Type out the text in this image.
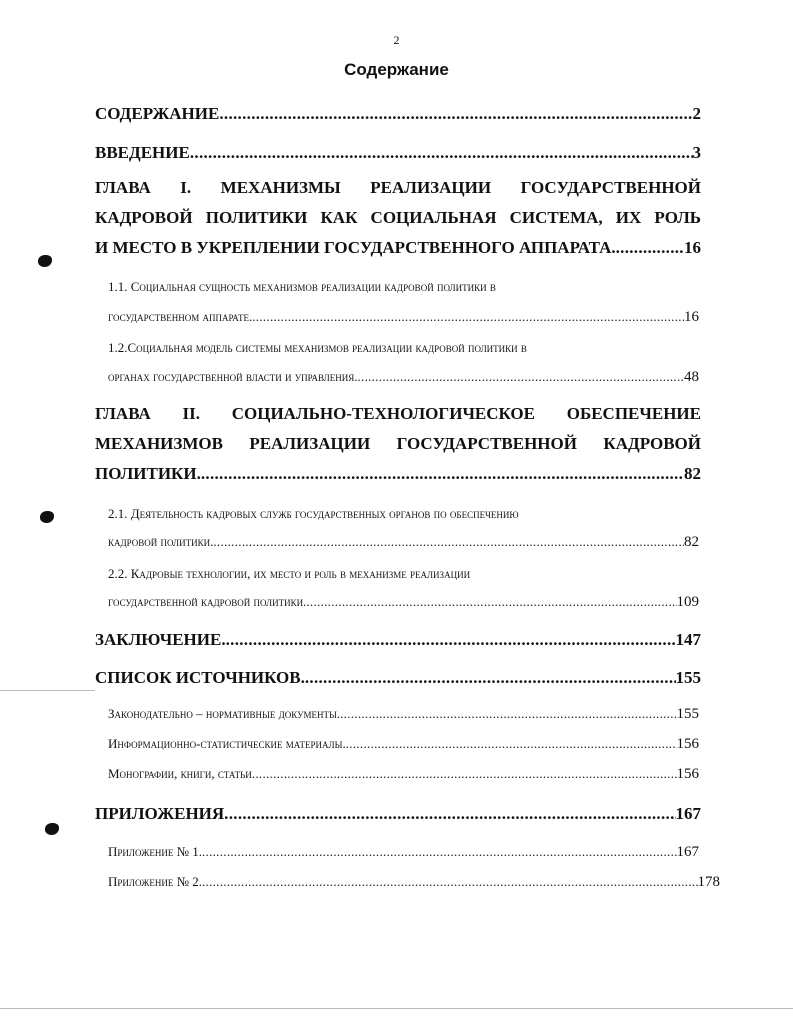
2
Содержание
СОДЕРЖАНИЕ .....	2
ВВЕДЕНИЕ .....	3
ГЛАВА I. МЕХАНИЗМЫ РЕАЛИЗАЦИИ ГОСУДАРСТВЕННОЙ
КАДРОВОЙ ПОЛИТИКИ КАК СОЦИАЛЬНАЯ СИСТЕМА, ИХ РОЛЬ
И МЕСТО В УКРЕПЛЕНИИ ГОСУДАРСТВЕННОГО АППАРАТА. .....	16
1.1. Социальная сущность механизмов реализации кадровой политики в
государственном аппарате. .....	16
1.2.Социальная модель системы механизмов реализации кадровой политики в
органах государственной власти и управления. .....	48
ГЛАВА II. СОЦИАЛЬНО-ТЕХНОЛОГИЧЕСКОЕ ОБЕСПЕЧЕНИЕ
МЕХАНИЗМОВ РЕАЛИЗАЦИИ ГОСУДАРСТВЕННОЙ КАДРОВОЙ
ПОЛИТИКИ. .....	82
2.1. Деятельность кадровых служб государственных органов по обеспечению
кадровой политики. .....	82
2.2. Кадровые технологии, их место и роль в механизме реализации
государственной кадровой политики. .....	109
ЗАКЛЮЧЕНИЕ. .....	147
СПИСОК ИСТОЧНИКОВ. .....	155
Законодательно – нормативные документы. .....	155
Информационно-статистические материалы. .....	156
Монографии, книги, статьи .....	156
ПРИЛОЖЕНИЯ .....	167
Приложение № 1. .....	167
Приложение № 2. .....	178
